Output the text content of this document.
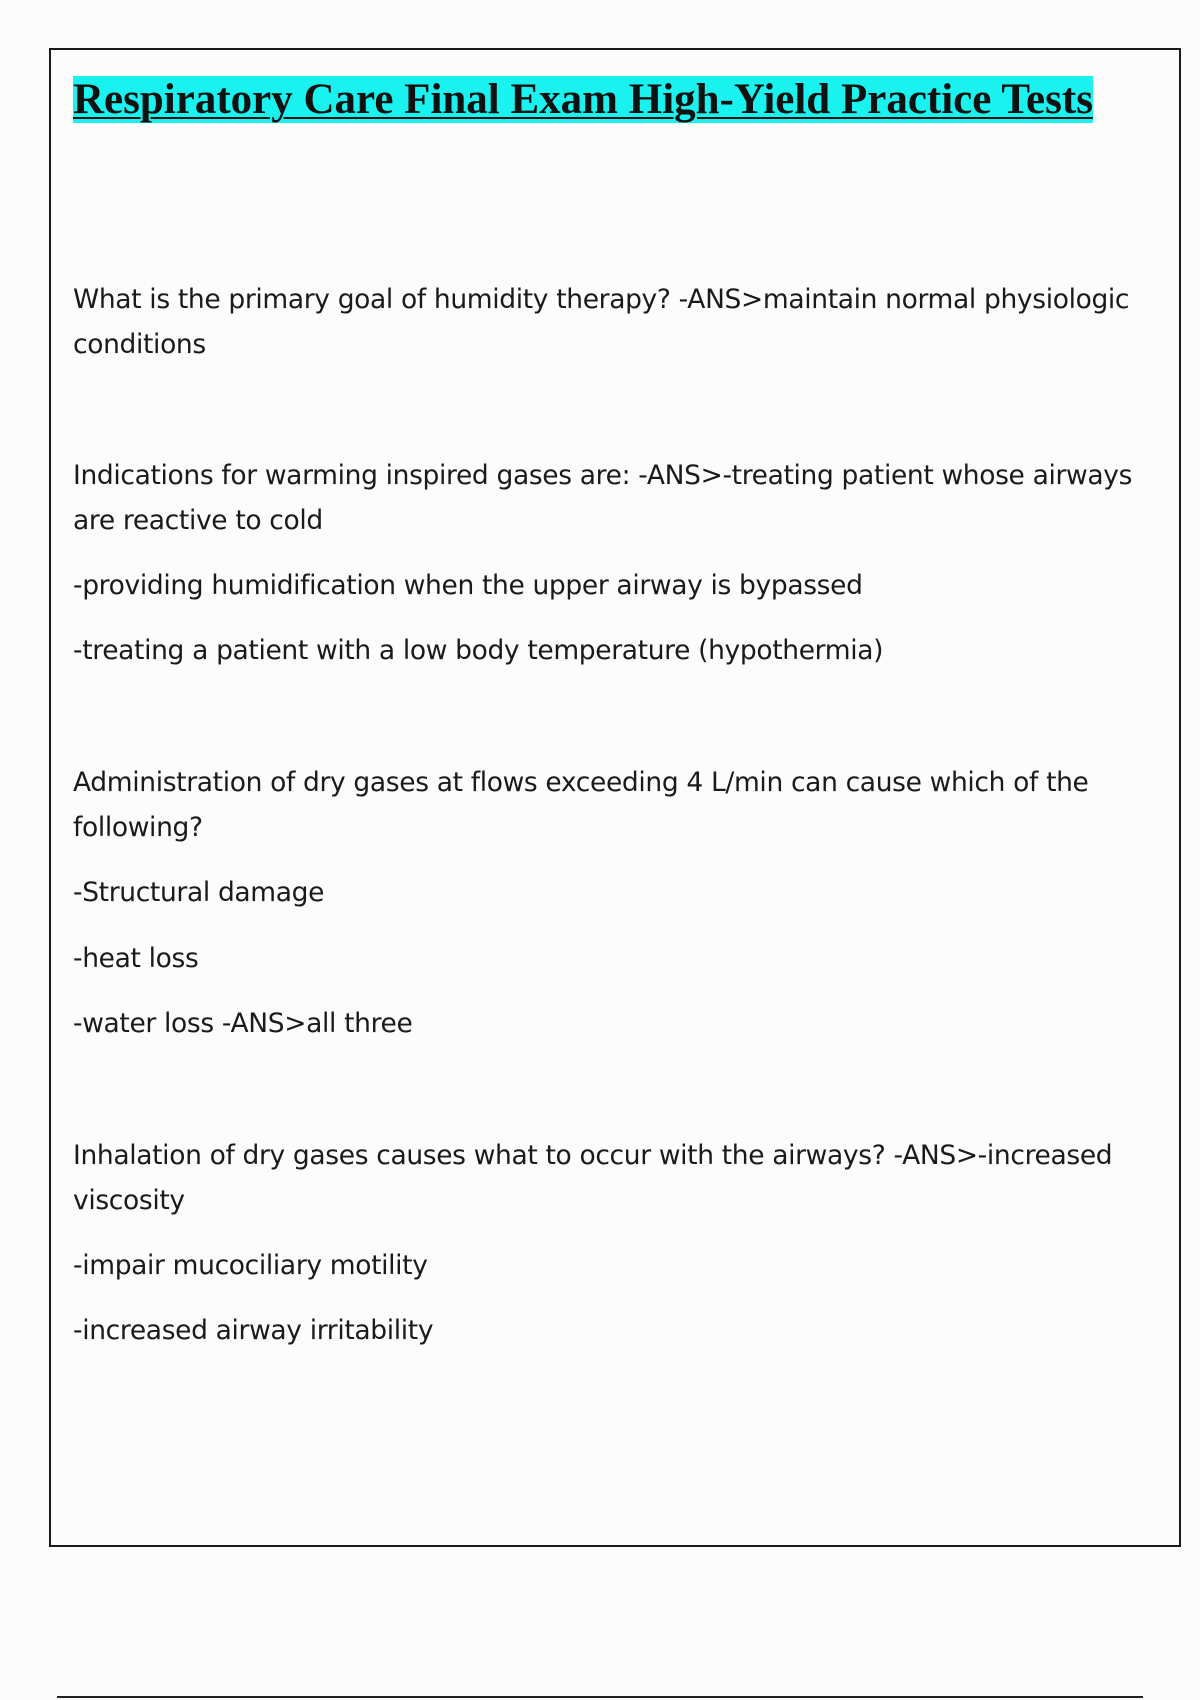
Respiratory Care Final Exam High-Yield Practice Tests

What is the primary goal of humidity therapy? -ANS>maintain normal physiologic conditions

Indications for warming inspired gases are: -ANS>-treating patient whose airways are reactive to cold

-providing humidification when the upper airway is bypassed

-treating a patient with a low body temperature (hypothermia)

Administration of dry gases at flows exceeding 4 L/min can cause which of the following?

-Structural damage

-heat loss

-water loss -ANS>all three

Inhalation of dry gases causes what to occur with the airways? -ANS>-increased viscosity

-impair mucociliary motility

-increased airway irritability
